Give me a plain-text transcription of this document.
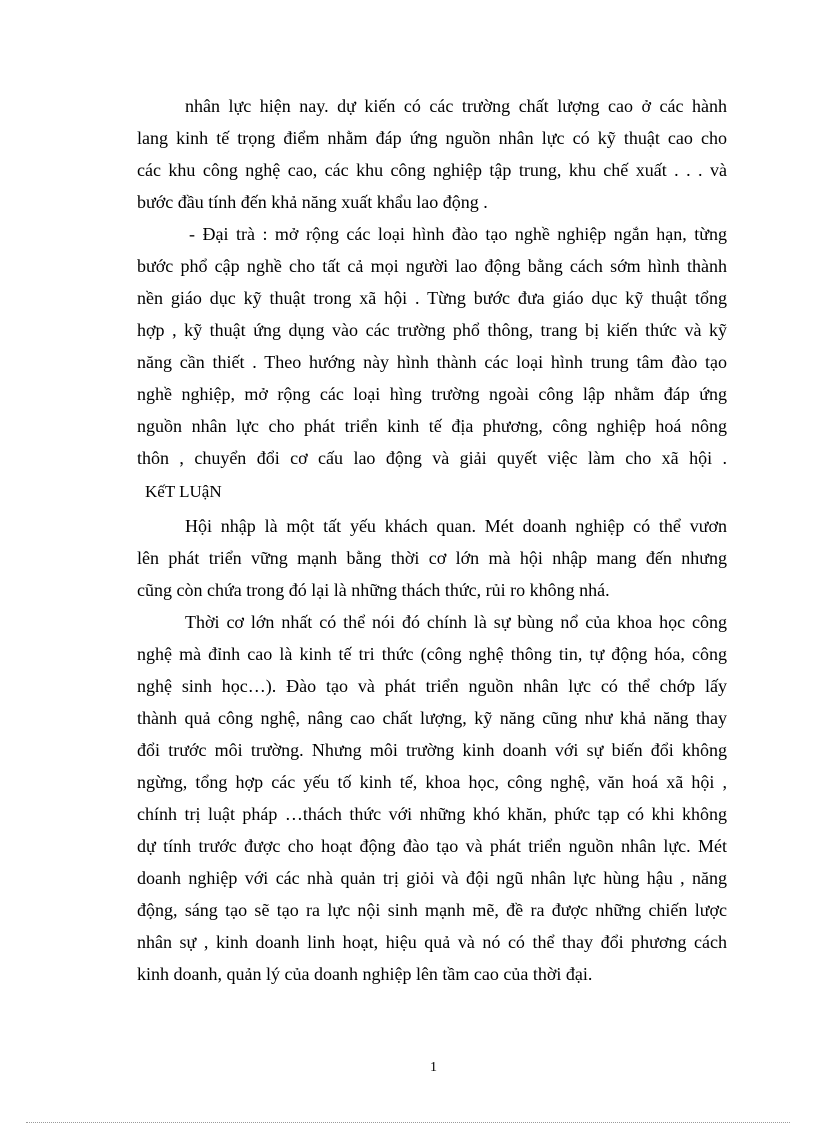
nhân lực hiện nay. dự kiến có các trường chất lượng cao ở các hành
lang kinh tế trọng điểm nhằm đáp ứng nguồn nhân lực có kỹ thuật cao cho
các khu công nghệ cao, các khu công nghiệp tập trung, khu chế xuất . . . và
bước đầu tính đến khả năng xuất khẩu lao động .
- Đại trà : mở rộng các loại hình đào tạo nghề nghiệp ngắn hạn, từng
bước phổ cập nghề cho tất cả mọi người lao động bằng cách sớm hình thành
nền giáo dục kỹ thuật trong xã hội . Từng bước đưa giáo dục kỹ thuật tổng
hợp , kỹ thuật ứng dụng vào các trường phổ thông, trang bị kiến thức và kỹ
năng cần thiết . Theo hướng này hình thành các loại hình trung tâm đào tạo
nghề nghiệp, mở rộng các loại hìng trường ngoài công lập nhằm đáp ứng
nguồn nhân lực cho phát triển kinh tế địa phương, công nghiệp hoá nông
thôn , chuyển đổi cơ cấu lao động và giải quyết việc làm cho xã hội .
KếT LUậN
Hội nhập là một tất yếu khách quan. Mét doanh nghiệp có thể vươn
lên phát triển vững mạnh bằng thời cơ lớn mà hội nhập mang đến nhưng
cũng còn chứa trong đó lại là những thách thức, rủi ro không nhá.
Thời cơ lớn nhất có thể nói đó chính là sự bùng nổ của khoa học công
nghệ mà đỉnh cao là kinh tế tri thức (công nghệ thông tin, tự động hóa, công
nghệ sinh học…). Đào tạo và phát triển nguồn nhân lực có thể chớp lấy
thành quả công nghệ, nâng cao chất lượng, kỹ năng cũng như khả năng thay
đổi trước môi trường. Nhưng môi trường kinh doanh với sự biến đổi không
ngừng, tổng hợp các yếu tố kinh tế, khoa học, công nghệ, văn hoá xã hội ,
chính trị luật pháp …thách thức với những khó khăn, phức tạp có khi không
dự tính trước được cho hoạt động đào tạo và phát triển nguồn nhân lực. Mét
doanh nghiệp với các nhà quản trị giỏi và đội ngũ nhân lực hùng hậu , năng
động, sáng tạo sẽ tạo ra lực nội sinh mạnh mẽ, đề ra được những chiến lược
nhân sự , kinh doanh linh hoạt, hiệu quả và nó có thể thay đổi phương cách
kinh doanh, quản lý của doanh nghiệp lên tầm cao của thời đại.
1
